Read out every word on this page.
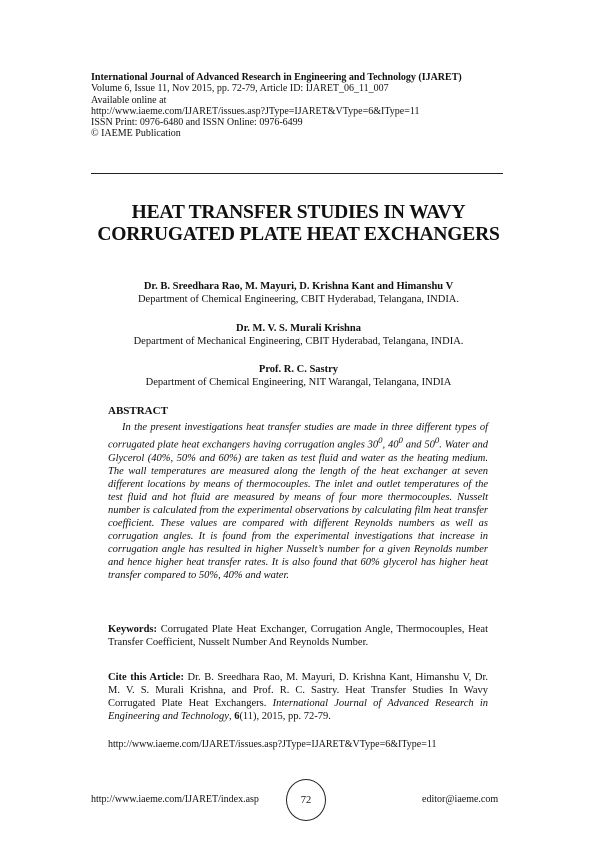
International Journal of Advanced Research in Engineering and Technology (IJARET)
Volume 6, Issue 11, Nov 2015, pp. 72-79, Article ID: IJARET_06_11_007
Available online at
http://www.iaeme.com/IJARET/issues.asp?JType=IJARET&VType=6&IType=11
ISSN Print: 0976-6480 and ISSN Online: 0976-6499
© IAEME Publication
HEAT TRANSFER STUDIES IN WAVY CORRUGATED PLATE HEAT EXCHANGERS
Dr. B. Sreedhara Rao, M. Mayuri, D. Krishna Kant and Himanshu V
Department of Chemical Engineering, CBIT Hyderabad, Telangana, INDIA.
Dr. M. V. S. Murali Krishna
Department of Mechanical Engineering, CBIT Hyderabad, Telangana, INDIA.
Prof. R. C. Sastry
Department of Chemical Engineering, NIT Warangal, Telangana, INDIA
ABSTRACT
In the present investigations heat transfer studies are made in three different types of corrugated plate heat exchangers having corrugation angles $30^0$, $40^0$ and $50^0$. Water and Glycerol (40%, 50% and 60%) are taken as test fluid and water as the heating medium. The wall temperatures are measured along the length of the heat exchanger at seven different locations by means of thermocouples. The inlet and outlet temperatures of the test fluid and hot fluid are measured by means of four more thermocouples. Nusselt number is calculated from the experimental observations by calculating film heat transfer coefficient. These values are compared with different Reynolds numbers as well as corrugation angles. It is found from the experimental investigations that increase in corrugation angle has resulted in higher Nusselt’s number for a given Reynolds number and hence higher heat transfer rates. It is also found that 60% glycerol has higher heat transfer compared to 50%, 40% and water.
Keywords: Corrugated Plate Heat Exchanger, Corrugation Angle, Thermocouples, Heat Transfer Coefficient, Nusselt Number And Reynolds Number.
Cite this Article: Dr. B. Sreedhara Rao, M. Mayuri, D. Krishna Kant, Himanshu V, Dr. M. V. S. Murali Krishna, and Prof. R. C. Sastry. Heat Transfer Studies In Wavy Corrugated Plate Heat Exchangers. International Journal of Advanced Research in Engineering and Technology, 6(11), 2015, pp. 72-79.
http://www.iaeme.com/IJARET/issues.asp?JType=IJARET&VType=6&IType=11
http://www.iaeme.com/IJARET/index.asp	72	editor@iaeme.com
